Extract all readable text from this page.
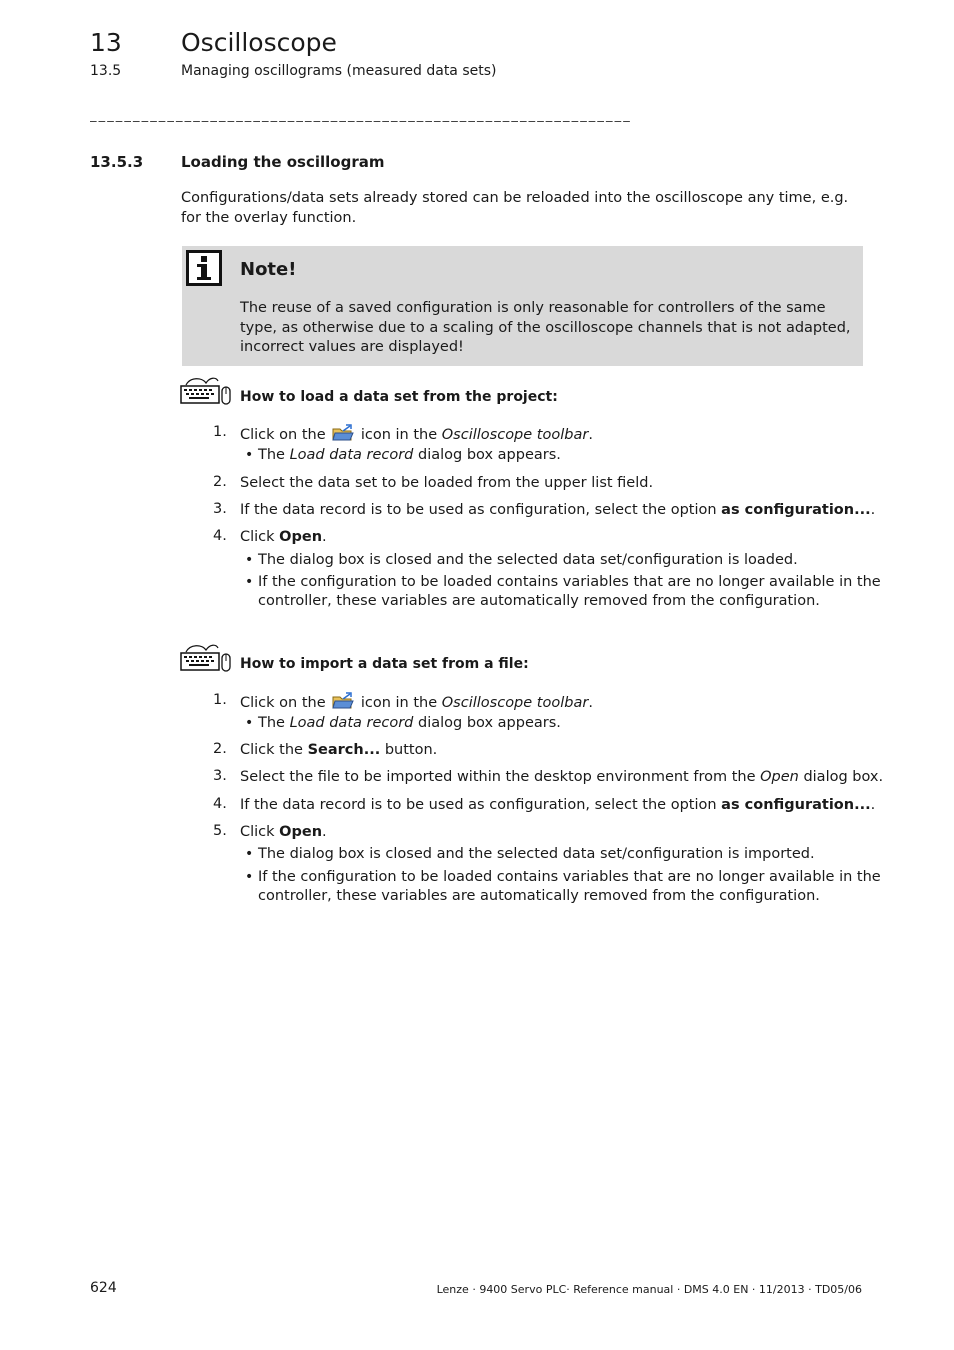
13 Oscilloscope
13.5	Managing oscillograms (measured data sets)
_______________________________________________________________
13.5.3	Loading the oscillogram
Configurations/data sets already stored can be reloaded into the oscilloscope any time, e.g. for the overlay function.
Note!
The reuse of a saved configuration is only reasonable for controllers of the same type, as otherwise due to a scaling of the oscilloscope channels that is not adapted, incorrect values are displayed!
How to load a data set from the project:
1. Click on the icon in the Oscilloscope toolbar.
• The Load data record dialog box appears.
2. Select the data set to be loaded from the upper list field.
3. If the data record is to be used as configuration, select the option as configuration....
4. Click Open.
• The dialog box is closed and the selected data set/configuration is loaded.
• If the configuration to be loaded contains variables that are no longer available in the
controller, these variables are automatically removed from the configuration.
How to import a data set from a file:
1. Click on the icon in the Oscilloscope toolbar.
• The Load data record dialog box appears.
2. Click the Search... button.
3. Select the file to be imported within the desktop environment from the Open dialog box.
4. If the data record is to be used as configuration, select the option as configuration....
5. Click Open.
• The dialog box is closed and the selected data set/configuration is imported.
• If the configuration to be loaded contains variables that are no longer available in the
controller, these variables are automatically removed from the configuration.
624	Lenze · 9400 Servo PLC· Reference manual · DMS 4.0 EN · 11/2013 · TD05/06
